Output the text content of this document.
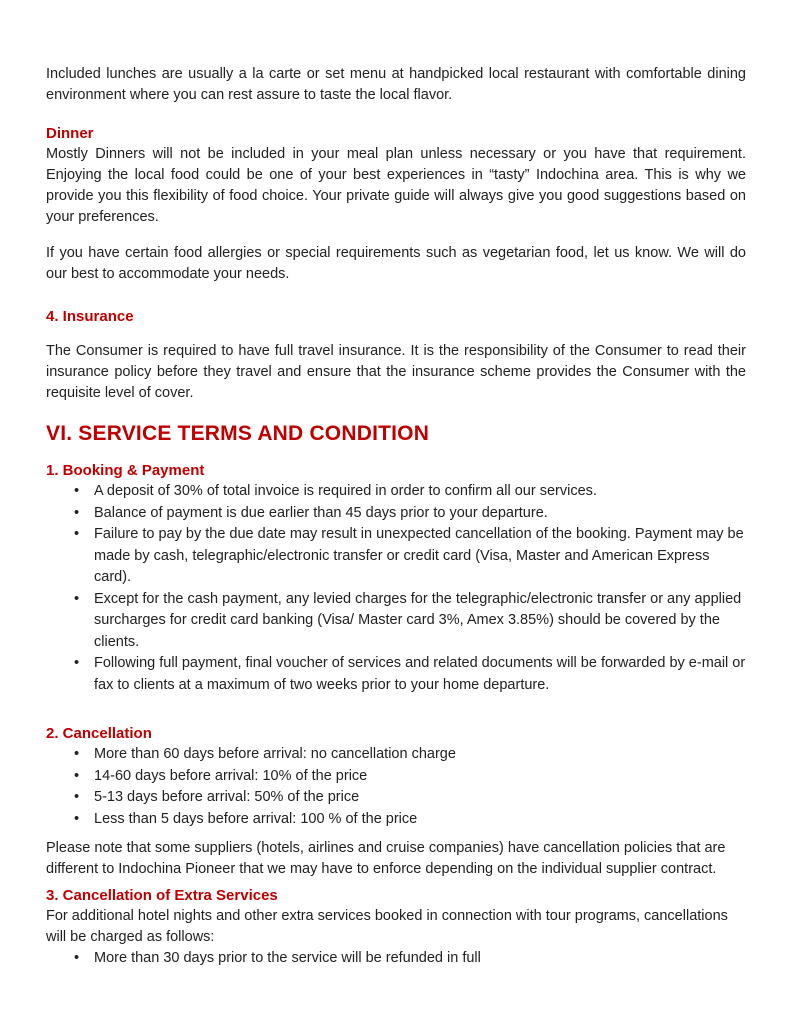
Included lunches are usually a la carte or set menu at handpicked local restaurant with comfortable dining environment where you can rest assure to taste the local flavor.

Dinner

Mostly Dinners will not be included in your meal plan unless necessary or you have that requirement. Enjoying the local food could be one of your best experiences in “tasty” Indochina area. This is why we provide you this flexibility of food choice. Your private guide will always give you good suggestions based on your preferences.

If you have certain food allergies or special requirements such as vegetarian food, let us know. We will do our best to accommodate your needs.

4. Insurance

The Consumer is required to have full travel insurance. It is the responsibility of the Consumer to read their insurance policy before they travel and ensure that the insurance scheme provides the Consumer with the requisite level of cover.

VI. SERVICE TERMS AND CONDITION
1. Booking & Payment
• A deposit of 30% of total invoice is required in order to confirm all our services.
• Balance of payment is due earlier than 45 days prior to your departure.
• Failure to pay by the due date may result in unexpected cancellation of the booking. Payment may be made by cash, telegraphic/electronic transfer or credit card (Visa, Master and American Express card).
• Except for the cash payment, any levied charges for the telegraphic/electronic transfer or any applied surcharges for credit card banking (Visa/ Master card 3%, Amex 3.85%) should be covered by the clients.
• Following full payment, final voucher of services and related documents will be forwarded by e-mail or fax to clients at a maximum of two weeks prior to your home departure.
2. Cancellation
• More than 60 days before arrival: no cancellation charge
• 14-60 days before arrival: 10% of the price
• 5-13 days before arrival: 50% of the price
• Less than 5 days before arrival: 100 % of the price

Please note that some suppliers (hotels, airlines and cruise companies) have cancellation policies that are different to Indochina Pioneer that we may have to enforce depending on the individual supplier contract.

3. Cancellation of Extra Services

For additional hotel nights and other extra services booked in connection with tour programs, cancellations will be charged as follows:

• More than 30 days prior to the service will be refunded in full
